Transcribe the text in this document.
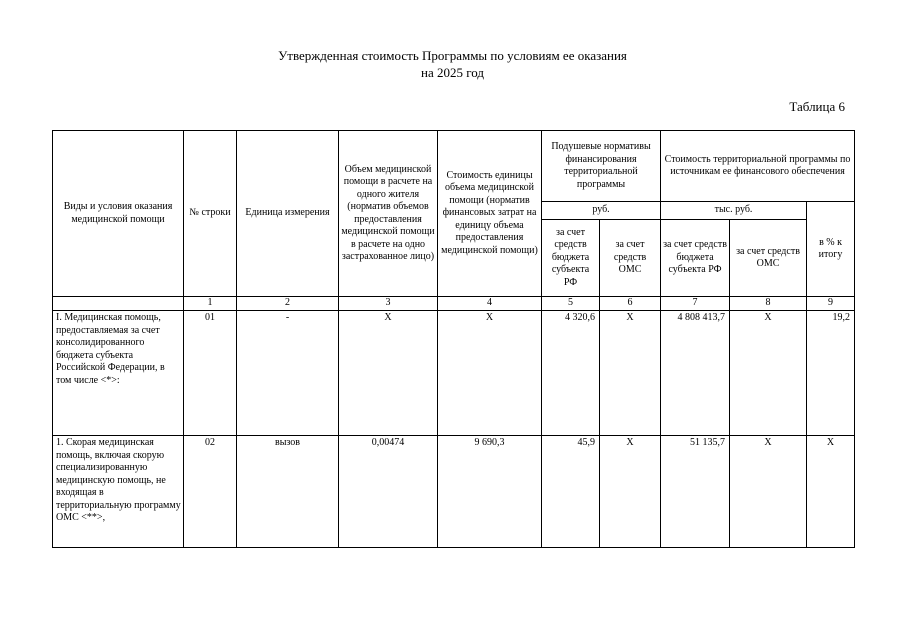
Утвержденная стоимость Программы по условиям ее оказания
на 2025 год
Таблица 6
Виды и условия оказания медицинской помощи	№ строки	Единица измерения	Объем медицинской помощи в расчете на одного жителя (норматив объемов предоставления медицинской помощи в расчете на одно застрахованное лицо)	Стоимость единицы объема медицинской помощи (норматив финансовых затрат на единицу объема предоставления медицинской помощи)	Подушевые нормативы финансирования территориальной программы		Стоимость территориальной программы по источникам ее финансового обеспечения		
					руб.		тыс. руб.		в % к итогу
					за счет средств бюджета субъекта РФ	за счет средств ОМС	за счет средств бюджета субъекта РФ	за счет средств ОМС	
	1	2	3	4	5	6	7	8	9
I. Медицинская помощь, предоставляемая за счет консолидированного бюджета субъекта Российской Федерации, в том числе <*>:	01	-	X	X	4 320,6	X	4 808 413,7	X	19,2
1. Скорая медицинская помощь, включая скорую специализированную медицинскую помощь, не входящая в территориальную программу ОМС <**>,	02	вызов	0,00474	9 690,3	45,9	X	51 135,7	X	X
